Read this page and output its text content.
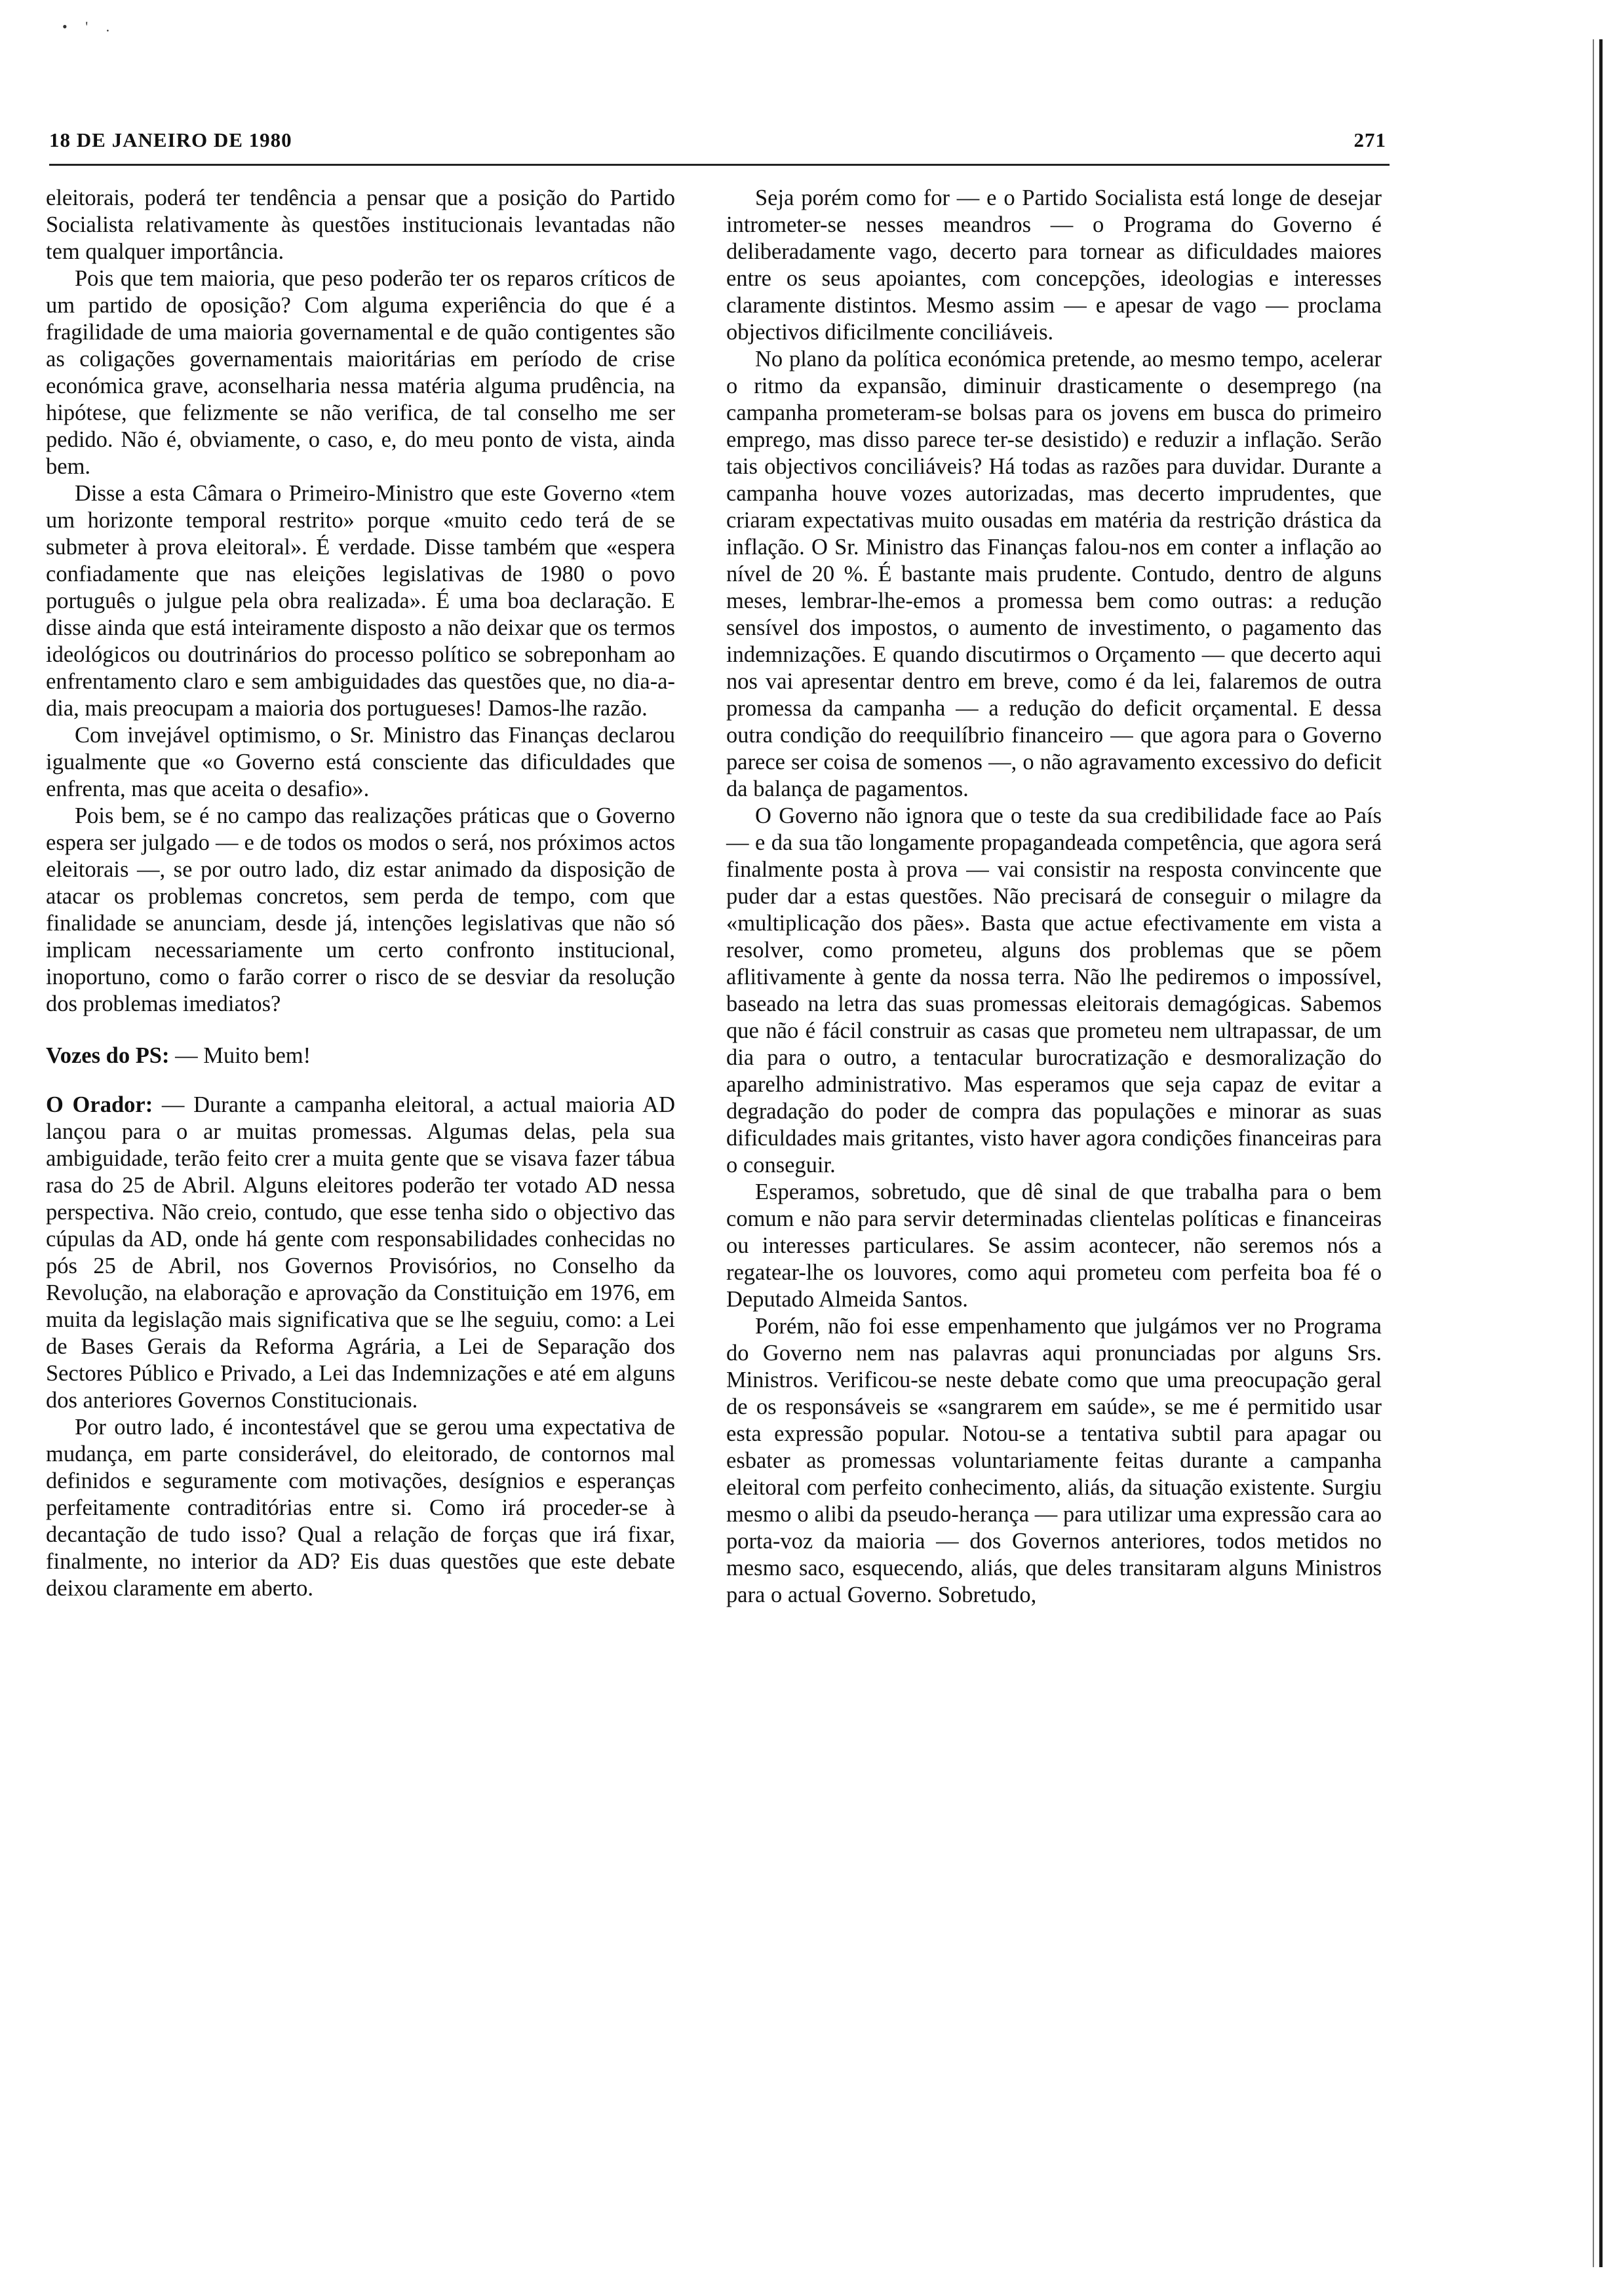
•     '     .
18 DE JANEIRO DE 1980	271

eleitorais, poderá ter tendência a pensar que a posição do Partido Socialista relativamente às questões institucionais levantadas não tem qualquer importância.

Pois que tem maioria, que peso poderão ter os reparos críticos de um partido de oposição? Com alguma experiência do que é a fragilidade de uma maioria governamental e de quão contigentes são as coligações governamentais maioritárias em período de crise económica grave, aconselharia nessa matéria alguma prudência, na hipótese, que felizmente se não verifica, de tal conselho me ser pedido. Não é, obviamente, o caso, e, do meu ponto de vista, ainda bem.

Disse a esta Câmara o Primeiro-Ministro que este Governo «tem um horizonte temporal restrito» porque «muito cedo terá de se submeter à prova eleitoral». É verdade. Disse também que «espera confiadamente que nas eleições legislativas de 1980 o povo português o julgue pela obra realizada». É uma boa declaração. E disse ainda que está inteiramente disposto a não deixar que os termos ideológicos ou doutrinários do processo político se sobreponham ao enfrentamento claro e sem ambiguidades das questões que, no dia-a-dia, mais preocupam a maioria dos portugueses! Damos-lhe razão.

Com invejável optimismo, o Sr. Ministro das Finanças declarou igualmente que «o Governo está consciente das dificuldades que enfrenta, mas que aceita o desafio».

Pois bem, se é no campo das realizações práticas que o Governo espera ser julgado — e de todos os modos o será, nos próximos actos eleitorais —, se por outro lado, diz estar animado da disposição de atacar os problemas concretos, sem perda de tempo, com que finalidade se anunciam, desde já, intenções legislativas que não só implicam necessariamente um certo confronto institucional, inoportuno, como o farão correr o risco de se desviar da resolução dos problemas imediatos?

Vozes do PS: — Muito bem!

O Orador: — Durante a campanha eleitoral, a actual maioria AD lançou para o ar muitas promessas. Algumas delas, pela sua ambiguidade, terão feito crer a muita gente que se visava fazer tábua rasa do 25 de Abril. Alguns eleitores poderão ter votado AD nessa perspectiva. Não creio, contudo, que esse tenha sido o objectivo das cúpulas da AD, onde há gente com responsabilidades conhecidas no pós 25 de Abril, nos Governos Provisórios, no Conselho da Revolução, na elaboração e aprovação da Constituição em 1976, em muita da legislação mais significativa que se lhe seguiu, como: a Lei de Bases Gerais da Reforma Agrária, a Lei de Separação dos Sectores Público e Privado, a Lei das Indemnizações e até em alguns dos anteriores Governos Constitucionais.

Por outro lado, é incontestável que se gerou uma expectativa de mudança, em parte considerável, do eleitorado, de contornos mal definidos e seguramente com motivações, desígnios e esperanças perfeitamente contraditórias entre si. Como irá proceder-se à decantação de tudo isso? Qual a relação de forças que irá fixar, finalmente, no interior da AD? Eis duas questões que este debate deixou claramente em aberto.

Seja porém como for — e o Partido Socialista está longe de desejar intrometer-se nesses meandros — o Programa do Governo é deliberadamente vago, decerto para tornear as dificuldades maiores entre os seus apoiantes, com concepções, ideologias e interesses claramente distintos. Mesmo assim — e apesar de vago — proclama objectivos dificilmente conciliáveis.

No plano da política económica pretende, ao mesmo tempo, acelerar o ritmo da expansão, diminuir drasticamente o desemprego (na campanha prometeram-se bolsas para os jovens em busca do primeiro emprego, mas disso parece ter-se desistido) e reduzir a inflação. Serão tais objectivos conciliáveis? Há todas as razões para duvidar. Durante a campanha houve vozes autorizadas, mas decerto imprudentes, que criaram expectativas muito ousadas em matéria da restrição drástica da inflação. O Sr. Ministro das Finanças falou-nos em conter a inflação ao nível de 20 %. É bastante mais prudente. Contudo, dentro de alguns meses, lembrar-lhe-emos a promessa bem como outras: a redução sensível dos impostos, o aumento de investimento, o pagamento das indemnizações. E quando discutirmos o Orçamento — que decerto aqui nos vai apresentar dentro em breve, como é da lei, falaremos de outra promessa da campanha — a redução do deficit orçamental. E dessa outra condição do reequilíbrio financeiro — que agora para o Governo parece ser coisa de somenos —, o não agravamento excessivo do deficit da balança de pagamentos.

O Governo não ignora que o teste da sua credibilidade face ao País — e da sua tão longamente propagandeada competência, que agora será finalmente posta à prova — vai consistir na resposta convincente que puder dar a estas questões. Não precisará de conseguir o milagre da «multiplicação dos pães». Basta que actue efectivamente em vista a resolver, como prometeu, alguns dos problemas que se põem aflitivamente à gente da nossa terra. Não lhe pediremos o impossível, baseado na letra das suas promessas eleitorais demagógicas. Sabemos que não é fácil construir as casas que prometeu nem ultrapassar, de um dia para o outro, a tentacular burocratização e desmoralização do aparelho administrativo. Mas esperamos que seja capaz de evitar a degradação do poder de compra das populações e minorar as suas dificuldades mais gritantes, visto haver agora condições financeiras para o conseguir.

Esperamos, sobretudo, que dê sinal de que trabalha para o bem comum e não para servir determinadas clientelas políticas e financeiras ou interesses particulares. Se assim acontecer, não seremos nós a regatear-lhe os louvores, como aqui prometeu com perfeita boa fé o Deputado Almeida Santos.

Porém, não foi esse empenhamento que julgámos ver no Programa do Governo nem nas palavras aqui pronunciadas por alguns Srs. Ministros. Verificou-se neste debate como que uma preocupação geral de os responsáveis se «sangrarem em saúde», se me é permitido usar esta expressão popular. Notou-se a tentativa subtil para apagar ou esbater as promessas voluntariamente feitas durante a campanha eleitoral com perfeito conhecimento, aliás, da situação existente. Surgiu mesmo o alibi da pseudo-herança — para utilizar uma expressão cara ao porta-voz da maioria — dos Governos anteriores, todos metidos no mesmo saco, esquecendo, aliás, que deles transitaram alguns Ministros para o actual Governo. Sobretudo,
